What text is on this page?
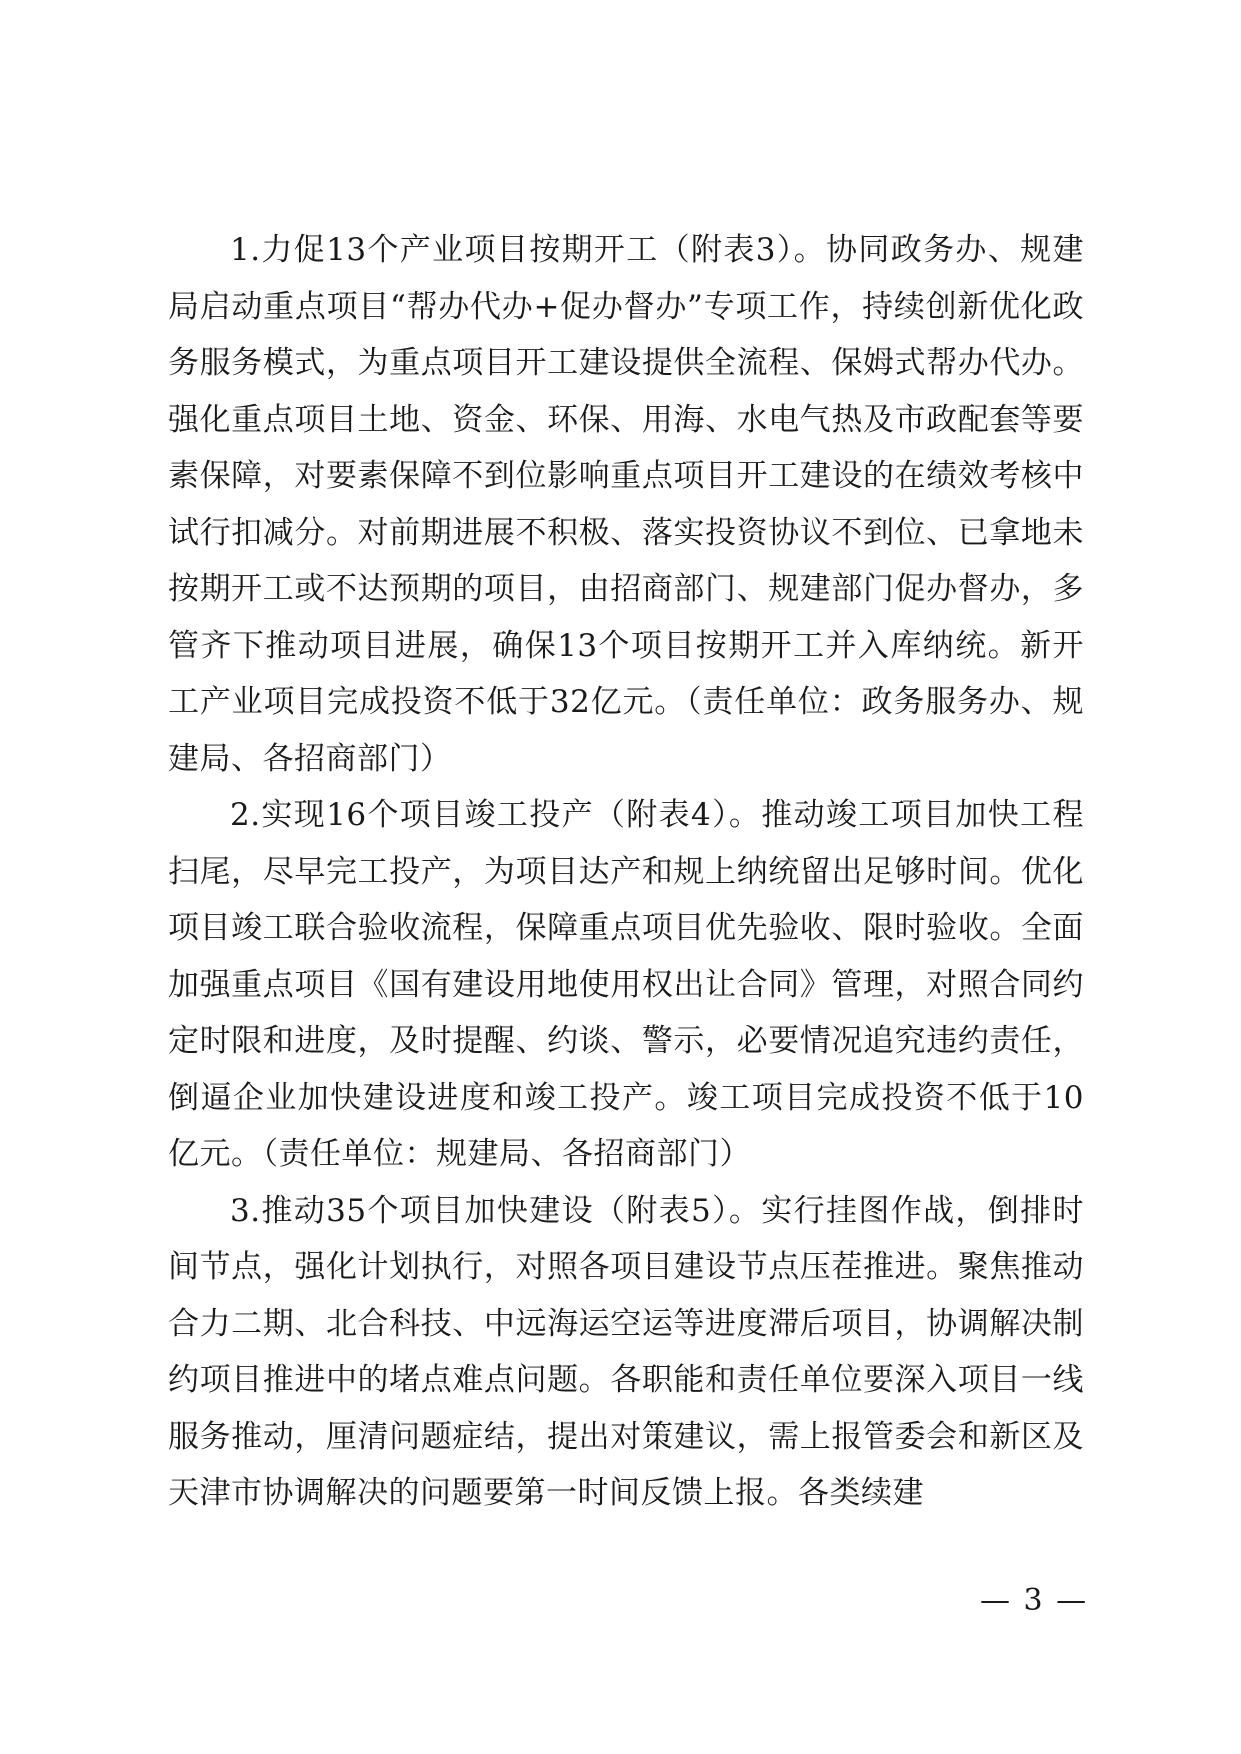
1.力促13个产业项目按期开工（附表3）。协同政务办、规建局启动重点项目“帮办代办+促办督办”专项工作，持续创新优化政务服务模式，为重点项目开工建设提供全流程、保姆式帮办代办。强化重点项目土地、资金、环保、用海、水电气热及市政配套等要素保障，对要素保障不到位影响重点项目开工建设的在绩效考核中试行扣减分。对前期进展不积极、落实投资协议不到位、已拿地未按期开工或不达预期的项目，由招商部门、规建部门促办督办，多管齐下推动项目进展，确保13个项目按期开工并入库纳统。新开工产业项目完成投资不低于32亿元。（责任单位：政务服务办、规建局、各招商部门）

2.实现16个项目竣工投产（附表4）。推动竣工项目加快工程扫尾，尽早完工投产，为项目达产和规上纳统留出足够时间。优化项目竣工联合验收流程，保障重点项目优先验收、限时验收。全面加强重点项目《国有建设用地使用权出让合同》管理，对照合同约定时限和进度，及时提醒、约谈、警示，必要情况追究违约责任，倒逼企业加快建设进度和竣工投产。竣工项目完成投资不低于10亿元。（责任单位：规建局、各招商部门）

3.推动35个项目加快建设（附表5）。实行挂图作战，倒排时间节点，强化计划执行，对照各项目建设节点压茬推进。聚焦推动合力二期、北合科技、中远海运空运等进度滞后项目，协调解决制约项目推进中的堵点难点问题。各职能和责任单位要深入项目一线服务推动，厘清问题症结，提出对策建议，需上报管委会和新区及天津市协调解决的问题要第一时间反馈上报。各类续建

— 3 —
